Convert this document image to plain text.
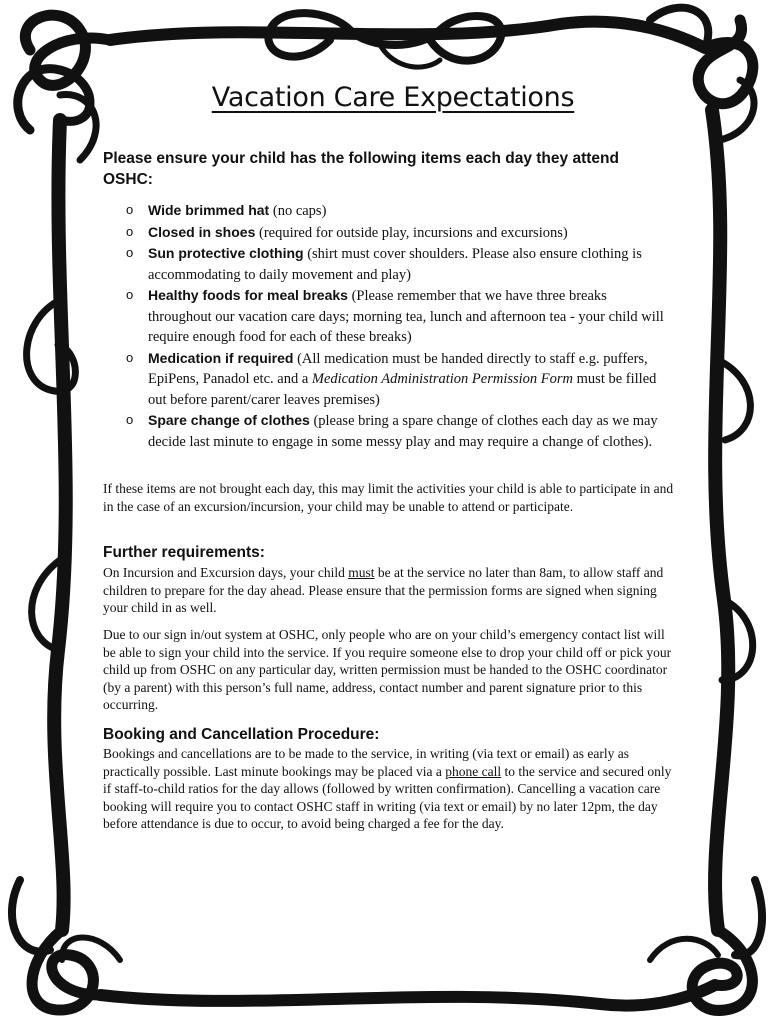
Vacation Care Expectations
Please ensure your child has the following items each day they attend OSHC:
o Wide brimmed hat (no caps)
o Closed in shoes (required for outside play, incursions and excursions)
o Sun protective clothing (shirt must cover shoulders. Please also ensure clothing is accommodating to daily movement and play)
o Healthy foods for meal breaks (Please remember that we have three breaks throughout our vacation care days; morning tea, lunch and afternoon tea - your child will require enough food for each of these breaks)
o Medication if required (All medication must be handed directly to staff e.g. puffers, EpiPens, Panadol etc. and a Medication Administration Permission Form must be filled out before parent/carer leaves premises)
o Spare change of clothes (please bring a spare change of clothes each day as we may decide last minute to engage in some messy play and may require a change of clothes).
If these items are not brought each day, this may limit the activities your child is able to participate in and in the case of an excursion/incursion, your child may be unable to attend or participate.
Further requirements:
On Incursion and Excursion days, your child must be at the service no later than 8am, to allow staff and children to prepare for the day ahead. Please ensure that the permission forms are signed when signing your child in as well.
Due to our sign in/out system at OSHC, only people who are on your child’s emergency contact list will be able to sign your child into the service. If you require someone else to drop your child off or pick your child up from OSHC on any particular day, written permission must be handed to the OSHC coordinator (by a parent) with this person’s full name, address, contact number and parent signature prior to this occurring.
Booking and Cancellation Procedure:
Bookings and cancellations are to be made to the service, in writing (via text or email) as early as practically possible. Last minute bookings may be placed via a phone call to the service and secured only if staff-to-child ratios for the day allows (followed by written confirmation). Cancelling a vacation care booking will require you to contact OSHC staff in writing (via text or email) by no later 12pm, the day before attendance is due to occur, to avoid being charged a fee for the day.
